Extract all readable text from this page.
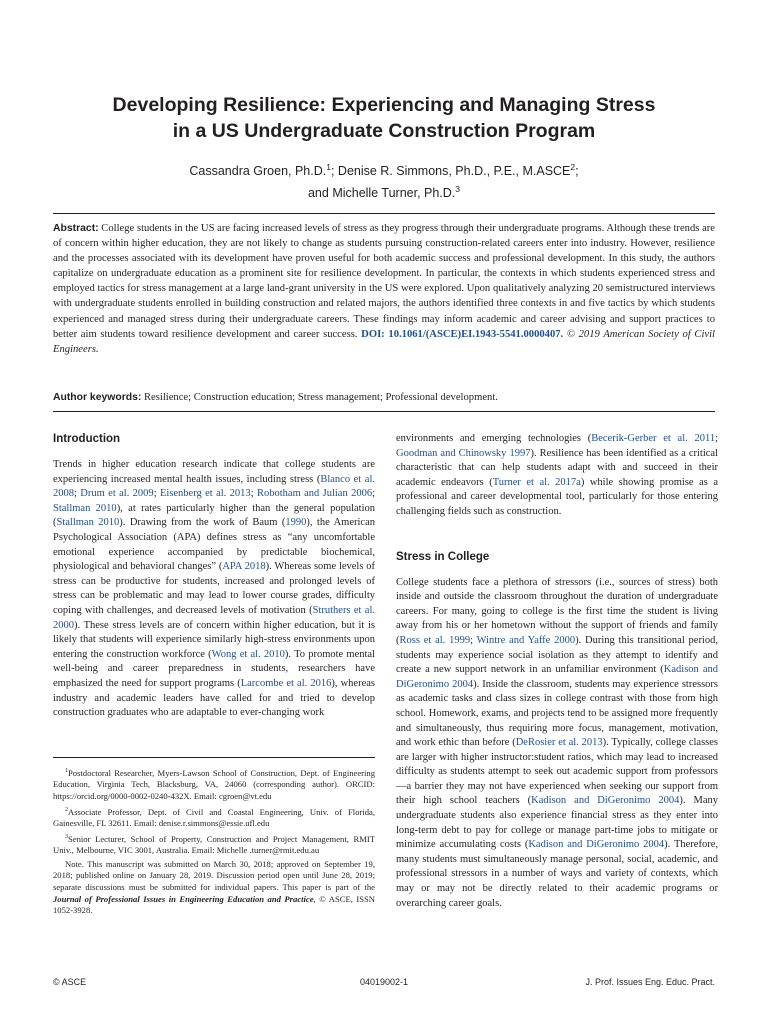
Developing Resilience: Experiencing and Managing Stress
in a US Undergraduate Construction Program
Cassandra Groen, Ph.D.$^1$; Denise R. Simmons, Ph.D., P.E., M.ASCE$^2$;
and Michelle Turner, Ph.D.$^3$
Abstract: College students in the US are facing increased levels of stress as they progress through their undergraduate programs. Although these trends are of concern within higher education, they are not likely to change as students pursuing construction-related careers enter into industry. However, resilience and the processes associated with its development have proven useful for both academic success and professional development. In this study, the authors capitalize on undergraduate education as a prominent site for resilience development. In particular, the contexts in which students experienced stress and employed tactics for stress management at a large land-grant university in the US were explored. Upon qualitatively analyzing 20 semistructured interviews with undergraduate students enrolled in building construction and related majors, the authors identified three contexts in and five tactics by which students experienced and managed stress during their undergraduate careers. These findings may inform academic and career advising and support practices to better aim students toward resilience development and career success. DOI: 10.1061/(ASCE)EI.1943-5541.0000407. © 2019 American Society of Civil Engineers.
Author keywords: Resilience; Construction education; Stress management; Professional development.
Introduction

Trends in higher education research indicate that college students are experiencing increased mental health issues, including stress (Blanco et al. 2008; Drum et al. 2009; Eisenberg et al. 2013; Robotham and Julian 2006; Stallman 2010), at rates particularly higher than the general population (Stallman 2010). Drawing from the work of Baum (1990), the American Psychological Association (APA) defines stress as “any uncomfortable emotional experience accompanied by predictable biochemical, physiological and behavioral changes” (APA 2018). Whereas some levels of stress can be productive for students, increased and prolonged levels of stress can be problematic and may lead to lower course grades, difficulty coping with challenges, and decreased levels of motivation (Struthers et al. 2000). These stress levels are of concern within higher education, but it is likely that students will experience similarly high-stress environments upon entering the construction workforce (Wong et al. 2010). To promote mental well-being and career preparedness in students, researchers have emphasized the need for support programs (Larcombe et al. 2016), whereas industry and academic leaders have called for and tried to develop construction graduates who are adaptable to ever-changing work

$^1$Postdoctoral Researcher, Myers-Lawson School of Construction, Dept. of Engineering Education, Virginia Tech, Blacksburg, VA, 24060 (corresponding author). ORCID: https://orcid.org/0000-0002-0240-432X. Email: cgroen@vt.edu

$^2$Associate Professor, Dept. of Civil and Coastal Engineering, Univ. of Florida, Gainesville, FL 32611. Email: denise.r.simmons@essie.ufl.edu

$^3$Senior Lecturer, School of Property, Construction and Project Management, RMIT Univ., Melbourne, VIC 3001, Australia. Email: Michelle .turner@rmit.edu.au

Note. This manuscript was submitted on March 30, 2018; approved on September 19, 2018; published online on January 28, 2019. Discussion period open until June 28, 2019; separate discussions must be submitted for individual papers. This paper is part of the Journal of Professional Issues in Engineering Education and Practice, © ASCE, ISSN 1052-3928.

environments and emerging technologies (Becerik-Gerber et al. 2011; Goodman and Chinowsky 1997). Resilience has been identified as a critical characteristic that can help students adapt with and succeed in their academic endeavors (Turner et al. 2017a) while showing promise as a professional and career developmental tool, particularly for those entering challenging fields such as construction.

Stress in College

College students face a plethora of stressors (i.e., sources of stress) both inside and outside the classroom throughout the duration of undergraduate careers. For many, going to college is the first time the student is living away from his or her hometown without the support of friends and family (Ross et al. 1999; Wintre and Yaffe 2000). During this transitional period, students may experience social isolation as they attempt to identify and create a new support network in an unfamiliar environment (Kadison and DiGeronimo 2004). Inside the classroom, students may experience stressors as academic tasks and class sizes in college contrast with those from high school. Homework, exams, and projects tend to be assigned more frequently and simultaneously, thus requiring more focus, management, motivation, and work ethic than before (DeRosier et al. 2013). Typically, college classes are larger with higher instructor:student ratios, which may lead to increased difficulty as students attempt to seek out academic support from professors—a barrier they may not have experienced when seeking our support from their high school teachers (Kadison and DiGeronimo 2004). Many undergraduate students also experience financial stress as they enter into long-term debt to pay for college or manage part-time jobs to mitigate or minimize accumulating costs (Kadison and DiGeronimo 2004). Therefore, many students must simultaneously manage personal, social, academic, and professional stressors in a number of ways and variety of contexts, which may or may not be directly related to their academic programs or overarching career goals.

© ASCE	04019002-1	J. Prof. Issues Eng. Educ. Pract.
